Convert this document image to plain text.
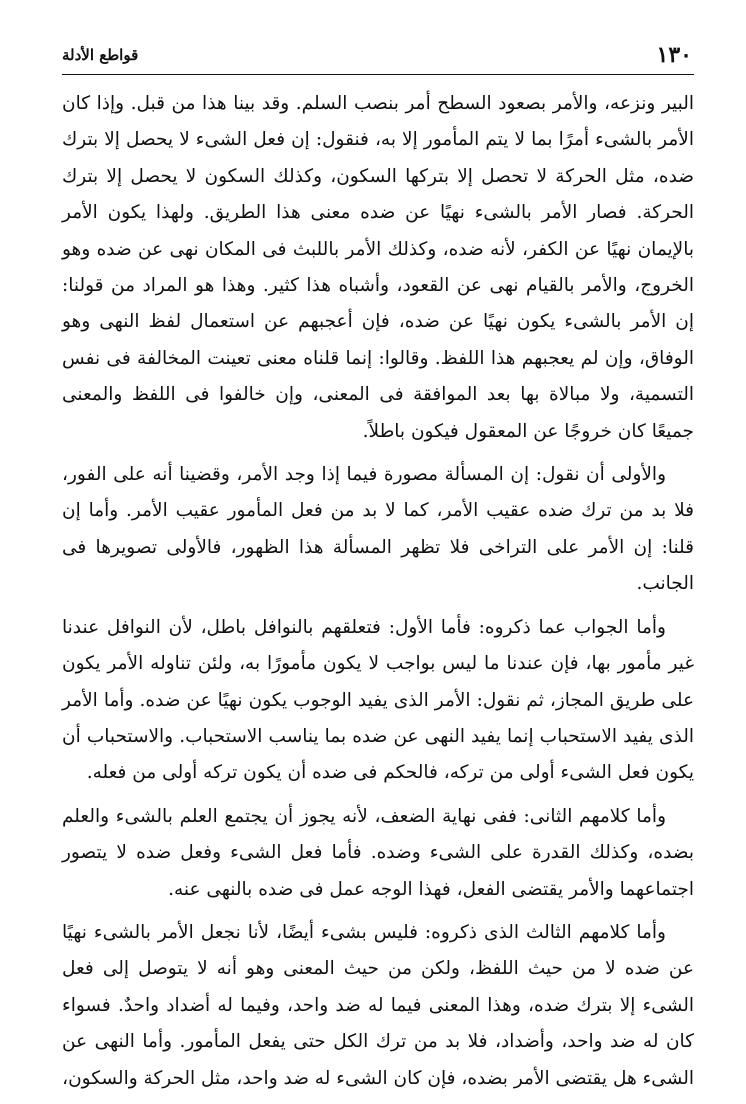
١٣٠
قواطع الأدلة

البير ونزعه، والأمر بصعود السطح أمر بنصب السلم. وقد بينا هذا من قبل. وإذا كان الأمر بالشىء أمرًا بما لا يتم المأمور إلا به، فنقول: إن فعل الشىء لا يحصل إلا بترك ضده، مثل الحركة لا تحصل إلا بتركها السكون، وكذلك السكون لا يحصل إلا بترك الحركة. فصار الأمر بالشىء نهيًا عن ضده معنى هذا الطريق. ولهذا يكون الأمر بالإيمان نهيًا عن الكفر، لأنه ضده، وكذلك الأمر باللبث فى المكان نهى عن ضده وهو الخروج، والأمر بالقيام نهى عن القعود، وأشباه هذا كثير. وهذا هو المراد من قولنا: إن الأمر بالشىء يكون نهيًا عن ضده، فإن أعجبهم عن استعمال لفظ النهى وهو الوفاق، وإن لم يعجبهم هذا اللفظ. وقالوا: إنما قلناه معنى تعينت المخالفة فى نفس التسمية، ولا مبالاة بها بعد الموافقة فى المعنى، وإن خالفوا فى اللفظ والمعنى جميعًا كان خروجًا عن المعقول فيكون باطلاً.

والأولى أن نقول: إن المسألة مصورة فيما إذا وجد الأمر، وقضينا أنه على الفور، فلا بد من ترك ضده عقيب الأمر، كما لا بد من فعل المأمور عقيب الأمر. وأما إن قلنا: إن الأمر على التراخى فلا تظهر المسألة هذا الظهور، فالأولى تصويرها فى الجانب.

وأما الجواب عما ذكروه: فأما الأول: فتعلقهم بالنوافل باطل، لأن النوافل عندنا غير مأمور بها، فإن عندنا ما ليس بواجب لا يكون مأمورًا به، ولئن تناوله الأمر يكون على طريق المجاز، ثم نقول: الأمر الذى يفيد الوجوب يكون نهيًا عن ضده. وأما الأمر الذى يفيد الاستحباب إنما يفيد النهى عن ضده بما يناسب الاستحباب. والاستحباب أن يكون فعل الشىء أولى من تركه، فالحكم فى ضده أن يكون تركه أولى من فعله.

وأما كلامهم الثانى: ففى نهاية الضعف، لأنه يجوز أن يجتمع العلم بالشىء والعلم بضده، وكذلك القدرة على الشىء وضده. فأما فعل الشىء وفعل ضده لا يتصور اجتماعهما والأمر يقتضى الفعل، فهذا الوجه عمل فى ضده بالنهى عنه.

وأما كلامهم الثالث الذى ذكروه: فليس بشىء أيضًا، لأنا نجعل الأمر بالشىء نهيًا عن ضده لا من حيث اللفظ، ولكن من حيث المعنى وهو أنه لا يتوصل إلى فعل الشىء إلا بترك ضده، وهذا المعنى فيما له ضد واحد، وفيما له أضداد واحدٌ. فسواء كان له ضد واحد، وأضداد، فلا بد من ترك الكل حتى يفعل المأمور. وأما النهى عن الشىء هل يقتضى الأمر بضده، فإن كان الشىء له ضد واحد، مثل الحركة والسكون،
